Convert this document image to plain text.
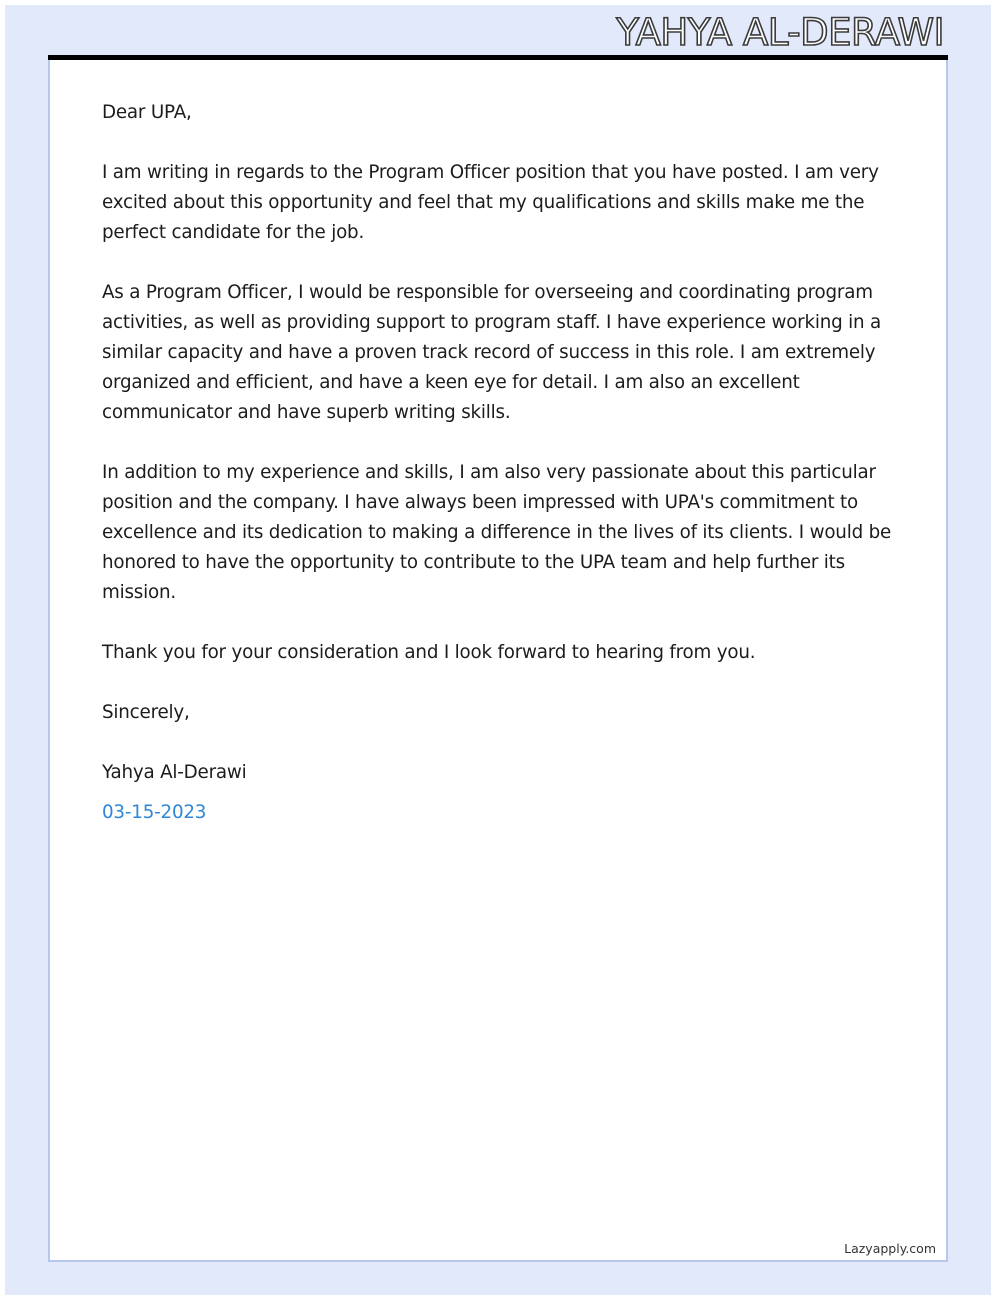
YAHYA AL-DERAWI

Dear UPA,

I am writing in regards to the Program Officer position that you have posted. I am very excited about this opportunity and feel that my qualifications and skills make me the perfect candidate for the job.

As a Program Officer, I would be responsible for overseeing and coordinating program activities, as well as providing support to program staff. I have experience working in a similar capacity and have a proven track record of success in this role. I am extremely organized and efficient, and have a keen eye for detail. I am also an excellent communicator and have superb writing skills.

In addition to my experience and skills, I am also very passionate about this particular position and the company. I have always been impressed with UPA's commitment to excellence and its dedication to making a difference in the lives of its clients. I would be honored to have the opportunity to contribute to the UPA team and help further its mission.

Thank you for your consideration and I look forward to hearing from you.

Sincerely,

Yahya Al-Derawi

03-15-2023

Lazyapply.com
